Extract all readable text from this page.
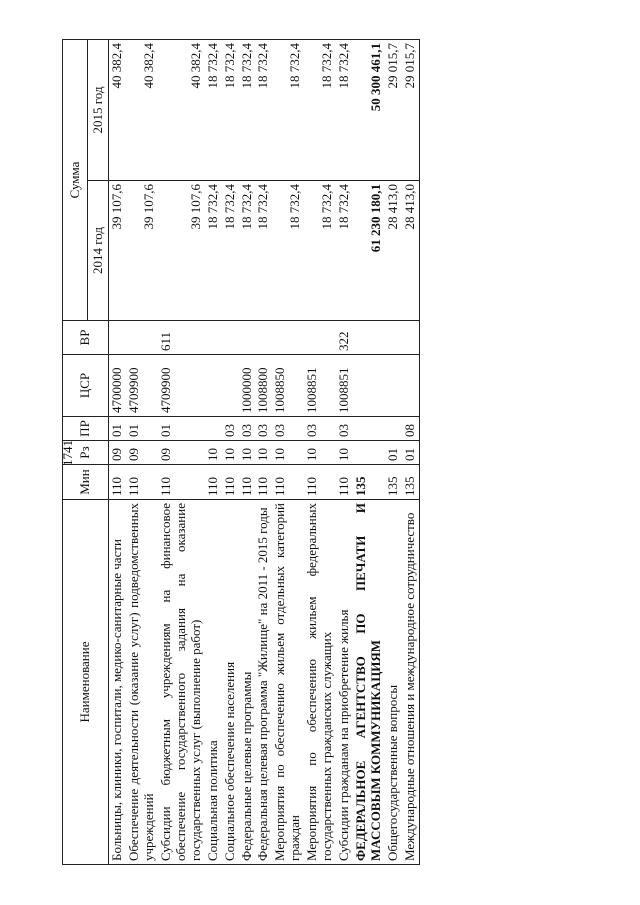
1741
Наименование	Мин	Рз	ПР	ЦСР	ВР	Сумма	
						2014 год	2015 год
Больницы, клиники, госпитали, медико-санитарные части	110	09	01	4700000		39 107,6	40 382,4
Обеспечение деятельности (оказание услуг) подведомственных учреждений	110	09	01	4709900		39 107,6	40 382,4
Субсидии бюджетным учреждениям на финансовое обеспечение государственного задания на оказание государственных услуг (выполнение работ)	110	09	01	4709900	611	39 107,6	40 382,4
Социальная политика	110	10				18 732,4	18 732,4
Социальное обеспечение населения	110	10	03			18 732,4	18 732,4
Федеральные целевые программы	110	10	03	1000000		18 732,4	18 732,4
Федеральная целевая программа "Жилище" на 2011 - 2015 годы	110	10	03	1008800		18 732,4	18 732,4
Мероприятия по обеспечению жильем отдельных категорий граждан	110	10	03	1008850		18 732,4	18 732,4
Мероприятия по обеспечению жильем федеральных государственных гражданских служащих	110	10	03	1008851		18 732,4	18 732,4
Субсидии гражданам на приобретение жилья	110	10	03	1008851	322	18 732,4	18 732,4
ФЕДЕРАЛЬНОЕ АГЕНТСТВО ПО ПЕЧАТИ И МАССОВЫМ КОММУНИКАЦИЯМ	135					61 230 180,1	50 300 461,1
Общегосударственные вопросы	135	01				28 413,0	29 015,7
Международные отношения и международное сотрудничество	135	01	08			28 413,0	29 015,7
